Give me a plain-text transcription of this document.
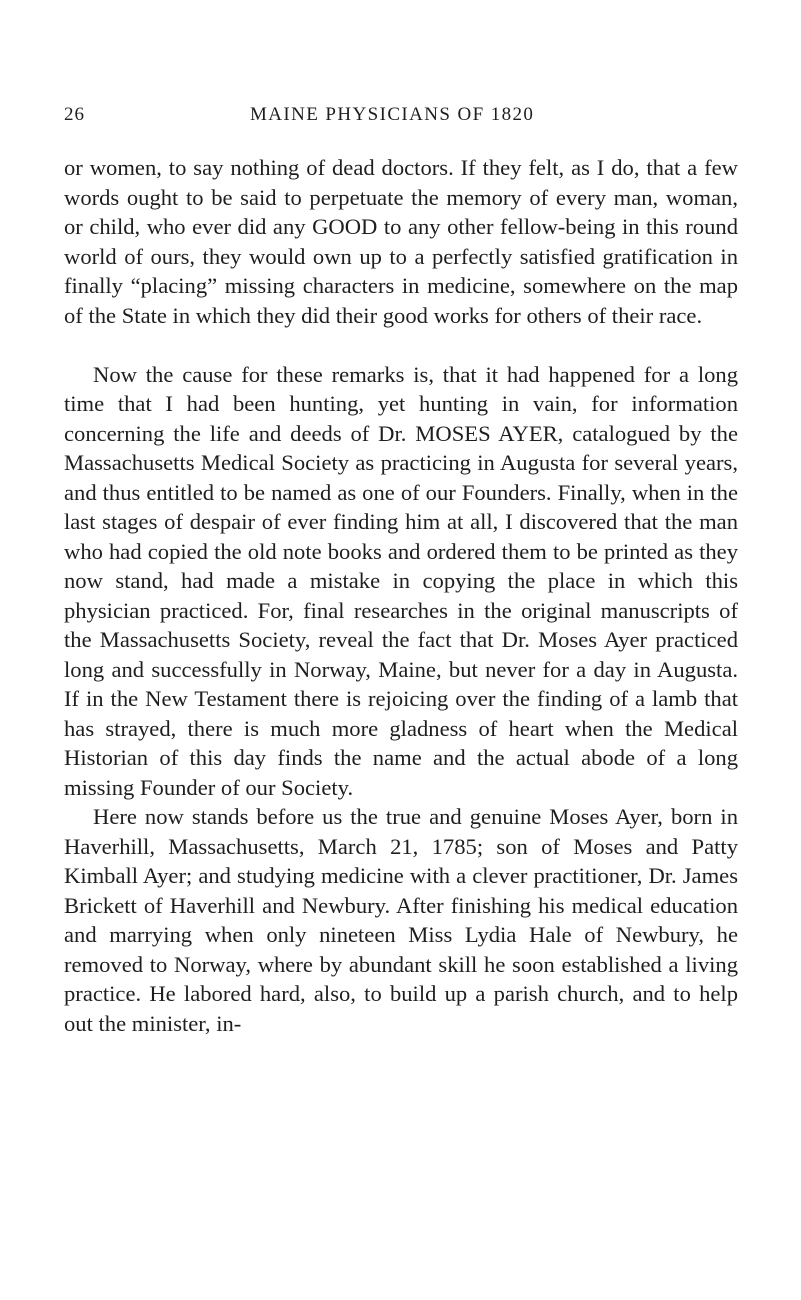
26	MAINE PHYSICIANS OF 1820

or women, to say nothing of dead doctors. If they felt, as I do, that a few words ought to be said to perpetuate the memory of every man, woman, or child, who ever did any GOOD to any other fellow-being in this round world of ours, they would own up to a perfectly satisfied gratification in finally “placing” missing characters in medicine, somewhere on the map of the State in which they did their good works for others of their race.

Now the cause for these remarks is, that it had happened for a long time that I had been hunting, yet hunting in vain, for information concerning the life and deeds of Dr. MOSES AYER, catalogued by the Massachusetts Medical Society as practicing in Augusta for several years, and thus entitled to be named as one of our Founders. Finally, when in the last stages of despair of ever finding him at all, I discovered that the man who had copied the old note books and ordered them to be printed as they now stand, had made a mistake in copying the place in which this physician practiced. For, final researches in the original manuscripts of the Massachusetts Society, reveal the fact that Dr. Moses Ayer practiced long and successfully in Norway, Maine, but never for a day in Augusta. If in the New Testament there is rejoicing over the finding of a lamb that has strayed, there is much more gladness of heart when the Medical Historian of this day finds the name and the actual abode of a long missing Founder of our Society.

Here now stands before us the true and genuine Moses Ayer, born in Haverhill, Massachusetts, March 21, 1785; son of Moses and Patty Kimball Ayer; and studying medicine with a clever practitioner, Dr. James Brickett of Haverhill and Newbury. After finishing his medical education and marrying when only nineteen Miss Lydia Hale of Newbury, he removed to Norway, where by abundant skill he soon established a living practice. He labored hard, also, to build up a parish church, and to help out the minister, in-
